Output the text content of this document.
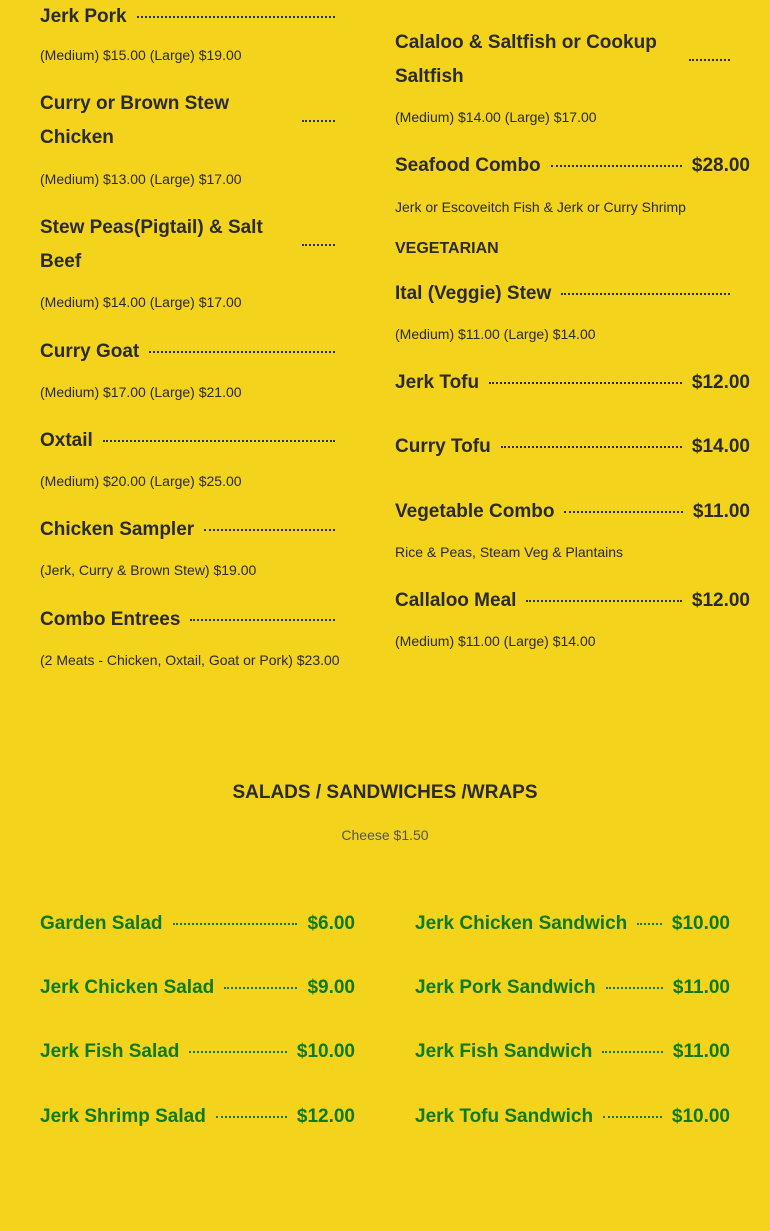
Jerk Pork
(Medium) $15.00 (Large) $19.00
Curry or Brown Stew Chicken
(Medium) $13.00 (Large) $17.00
Stew Peas(Pigtail) & Salt Beef
(Medium) $14.00 (Large) $17.00
Curry Goat
(Medium) $17.00 (Large) $21.00
Oxtail
(Medium) $20.00 (Large) $25.00
Chicken Sampler
(Jerk, Curry & Brown Stew) $19.00
Combo Entrees
(2 Meats - Chicken, Oxtail, Goat or Pork) $23.00
Calaloo & Saltfish or Cookup Saltfish
(Medium) $14.00 (Large) $17.00
Seafood Combo	$28.00
Jerk or Escoveitch Fish & Jerk or Curry Shrimp
VEGETARIAN
Ital (Veggie) Stew
(Medium) $11.00 (Large) $14.00
Jerk Tofu	$12.00
Curry Tofu	$14.00
Vegetable Combo	$11.00
Rice & Peas, Steam Veg & Plantains
Callaloo Meal	$12.00
(Medium) $11.00 (Large) $14.00
SALADS / SANDWICHES /WRAPS
Cheese $1.50
Garden Salad	$6.00
Jerk Chicken Salad	$9.00
Jerk Fish Salad	$10.00
Jerk Shrimp Salad	$12.00
Jerk Chicken Sandwich $10.00
Jerk Pork Sandwich	$11.00
Jerk Fish Sandwich	$11.00
Jerk Tofu Sandwich	$10.00
